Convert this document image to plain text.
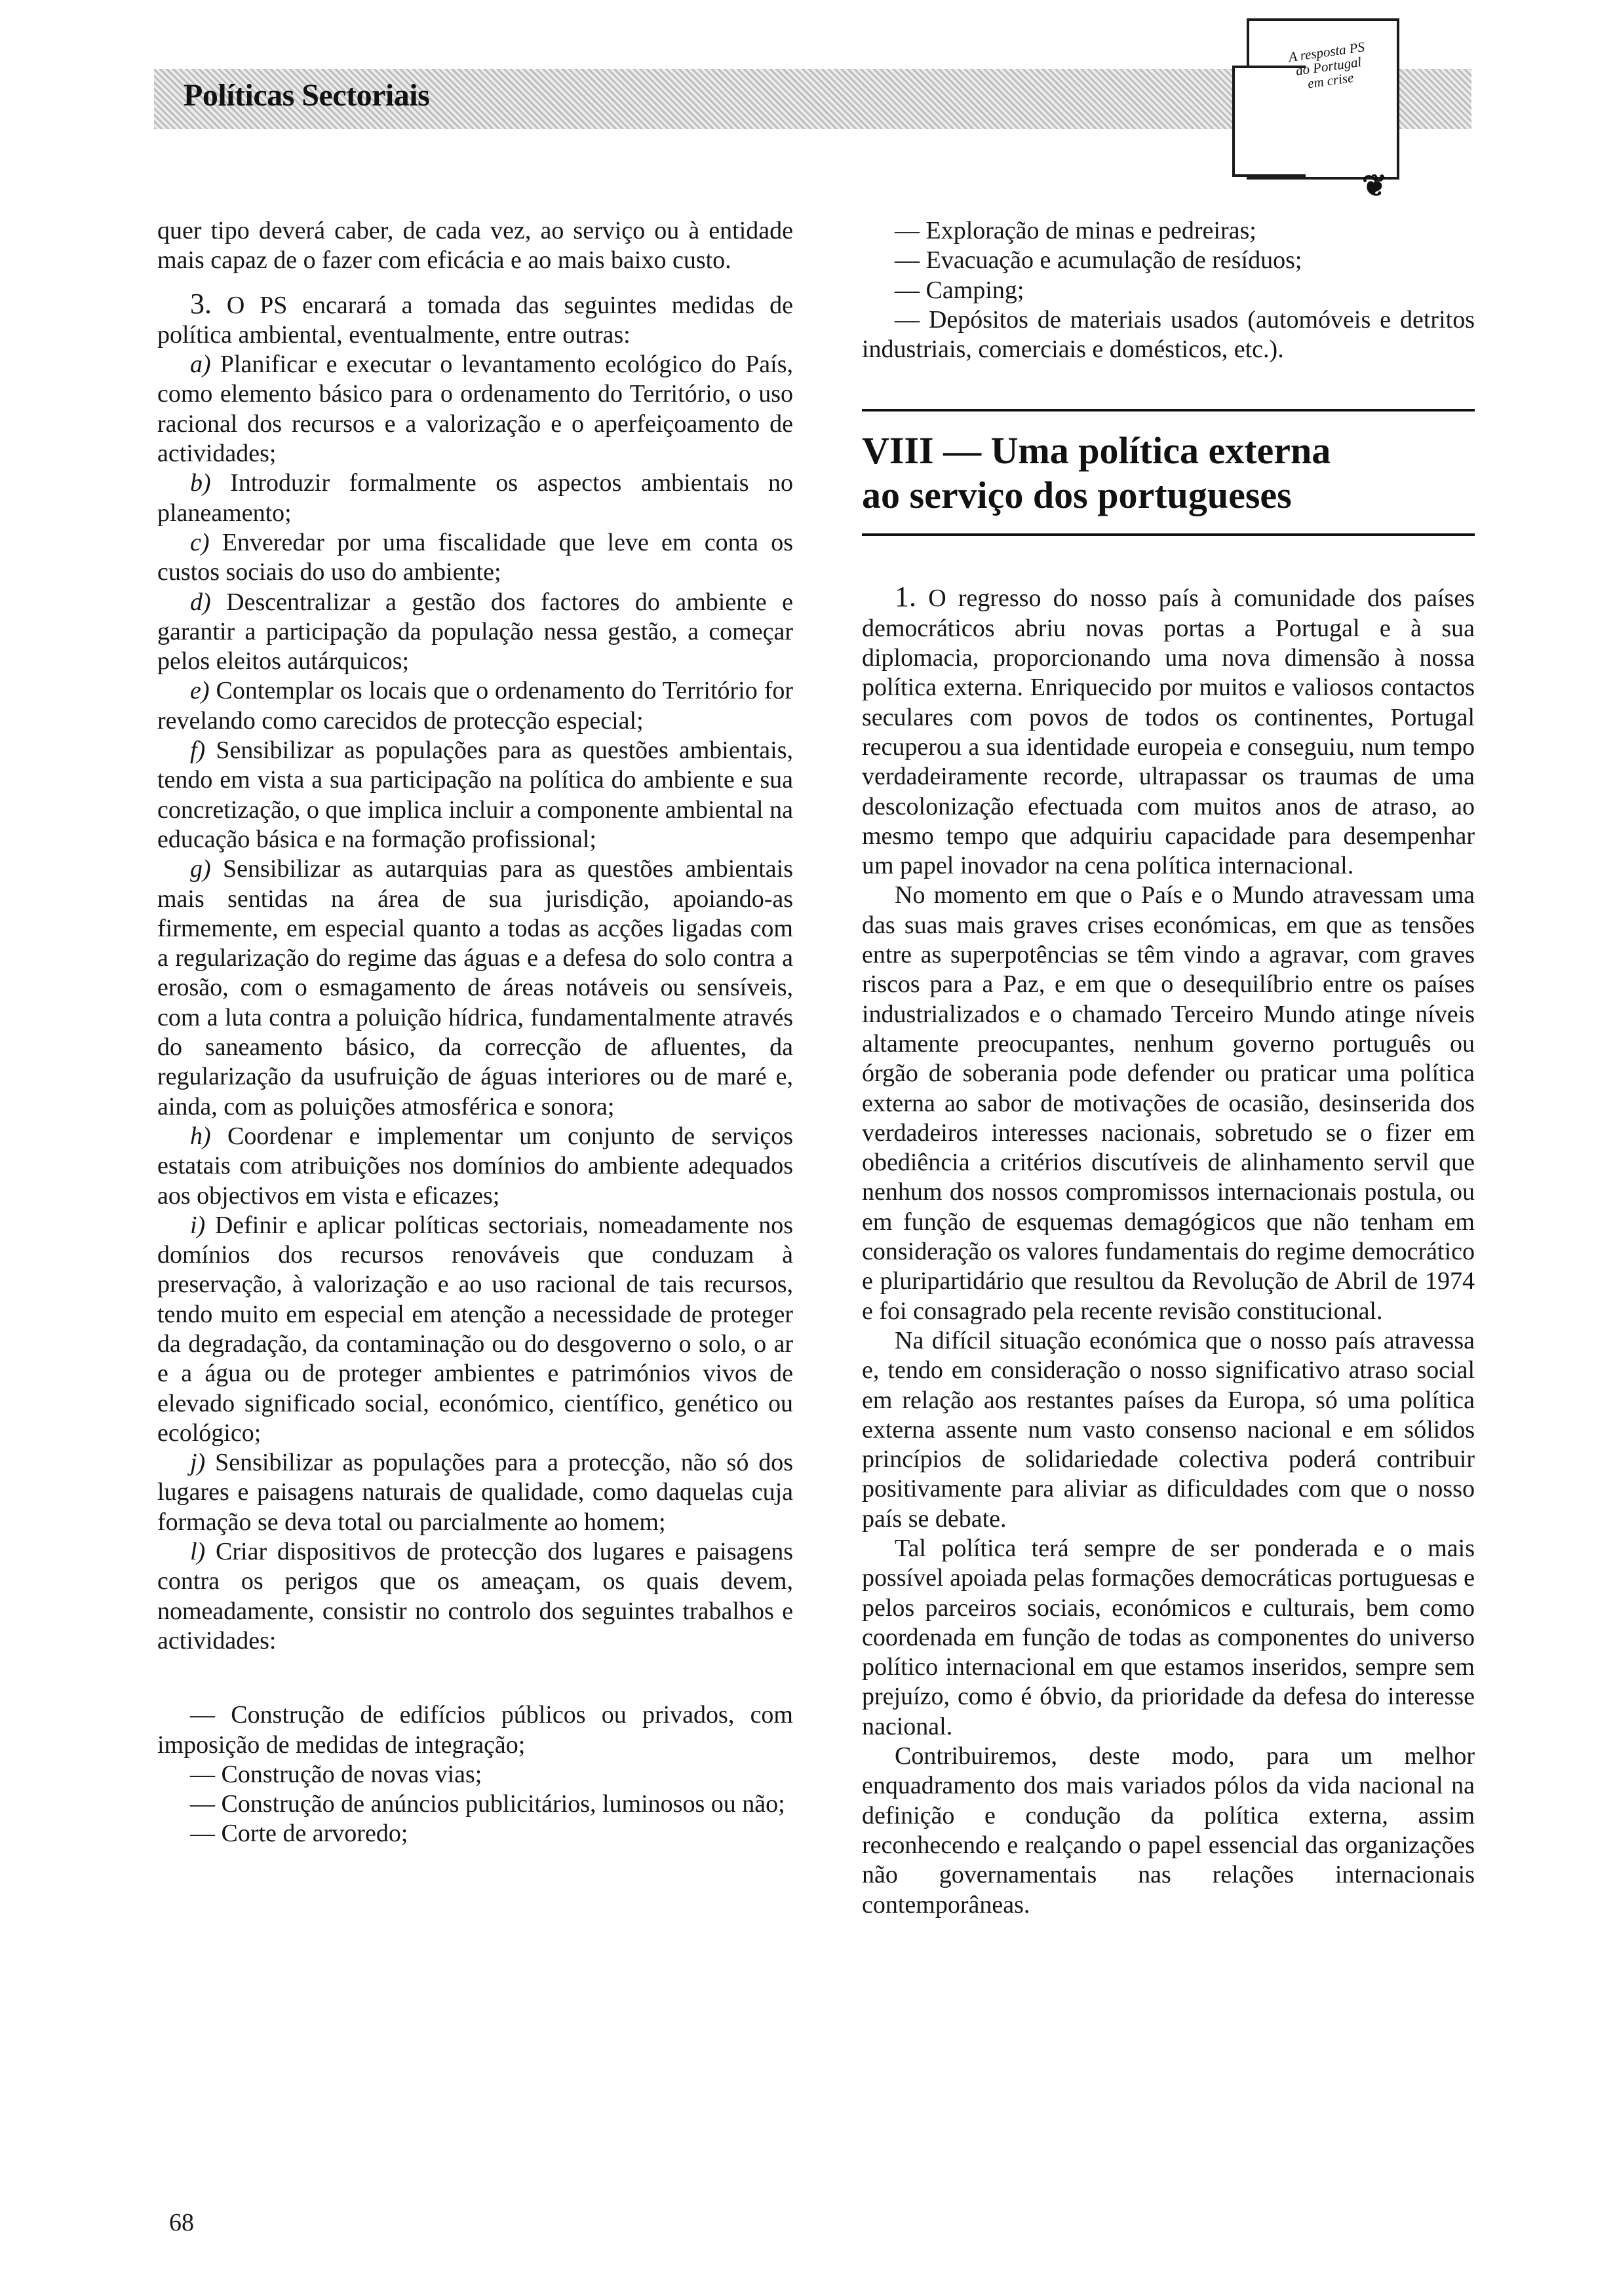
Políticas Sectoriais
A resposta PS
ao Portugal
em crise
❦

quer tipo deverá caber, de cada vez, ao serviço ou à entidade mais capaz de o fazer com eficácia e ao mais baixo custo.

3. O PS encarará a tomada das seguintes medidas de política ambiental, eventualmente, entre outras:

a) Planificar e executar o levantamento ecológico do País, como elemento básico para o ordenamento do Território, o uso racional dos recursos e a valorização e o aperfeiçoamento de actividades;

b) Introduzir formalmente os aspectos ambientais no planeamento;

c) Enveredar por uma fiscalidade que leve em conta os custos sociais do uso do ambiente;

d) Descentralizar a gestão dos factores do ambiente e garantir a participação da população nessa gestão, a começar pelos eleitos autárquicos;

e) Contemplar os locais que o ordenamento do Território for revelando como carecidos de protecção especial;

f) Sensibilizar as populações para as questões ambientais, tendo em vista a sua participação na política do ambiente e sua concretização, o que implica incluir a componente ambiental na educação básica e na formação profissional;

g) Sensibilizar as autarquias para as questões ambientais mais sentidas na área de sua jurisdição, apoiando-as firmemente, em especial quanto a todas as acções ligadas com a regularização do regime das águas e a defesa do solo contra a erosão, com o esmagamento de áreas notáveis ou sensíveis, com a luta contra a poluição hídrica, fundamentalmente através do saneamento básico, da correcção de afluentes, da regularização da usufruição de águas interiores ou de maré e, ainda, com as poluições atmosférica e sonora;

h) Coordenar e implementar um conjunto de serviços estatais com atribuições nos domínios do ambiente adequados aos objectivos em vista e eficazes;

i) Definir e aplicar políticas sectoriais, nomeadamente nos domínios dos recursos renováveis que conduzam à preservação, à valorização e ao uso racional de tais recursos, tendo muito em especial em atenção a necessidade de proteger da degradação, da contaminação ou do desgoverno o solo, o ar e a água ou de proteger ambientes e patrimónios vivos de elevado significado social, económico, científico, genético ou ecológico;

j) Sensibilizar as populações para a protecção, não só dos lugares e paisagens naturais de qualidade, como daquelas cuja formação se deva total ou parcialmente ao homem;

l) Criar dispositivos de protecção dos lugares e paisagens contra os perigos que os ameaçam, os quais devem, nomeadamente, consistir no controlo dos seguintes trabalhos e actividades:

— Construção de edifícios públicos ou privados, com imposição de medidas de integração;

— Construção de novas vias;

— Construção de anúncios publicitários, luminosos ou não;

— Corte de arvoredo;

— Exploração de minas e pedreiras;

— Evacuação e acumulação de resíduos;

— Camping;

— Depósitos de materiais usados (automóveis e detritos industriais, comerciais e domésticos, etc.).

VIII — Uma política externa
ao serviço dos portugueses

1. O regresso do nosso país à comunidade dos países democráticos abriu novas portas a Portugal e à sua diplomacia, proporcionando uma nova dimensão à nossa política externa. Enriquecido por muitos e valiosos contactos seculares com povos de todos os continentes, Portugal recuperou a sua identidade europeia e conseguiu, num tempo verdadeiramente recorde, ultrapassar os traumas de uma descolonização efectuada com muitos anos de atraso, ao mesmo tempo que adquiriu capacidade para desempenhar um papel inovador na cena política internacional.

No momento em que o País e o Mundo atravessam uma das suas mais graves crises económicas, em que as tensões entre as superpotências se têm vindo a agravar, com graves riscos para a Paz, e em que o desequilíbrio entre os países industrializados e o chamado Terceiro Mundo atinge níveis altamente preocupantes, nenhum governo português ou órgão de soberania pode defender ou praticar uma política externa ao sabor de motivações de ocasião, desinserida dos verdadeiros interesses nacionais, sobretudo se o fizer em obediência a critérios discutíveis de alinhamento servil que nenhum dos nossos compromissos internacionais postula, ou em função de esquemas demagógicos que não tenham em consideração os valores fundamentais do regime democrático e pluripartidário que resultou da Revolução de Abril de 1974 e foi consagrado pela recente revisão constitucional.

Na difícil situação económica que o nosso país atravessa e, tendo em consideração o nosso significativo atraso social em relação aos restantes países da Europa, só uma política externa assente num vasto consenso nacional e em sólidos princípios de solidariedade colectiva poderá contribuir positivamente para aliviar as dificuldades com que o nosso país se debate.

Tal política terá sempre de ser ponderada e o mais possível apoiada pelas formações democráticas portuguesas e pelos parceiros sociais, económicos e culturais, bem como coordenada em função de todas as componentes do universo político internacional em que estamos inseridos, sempre sem prejuízo, como é óbvio, da prioridade da defesa do interesse nacional.

Contribuiremos, deste modo, para um melhor enquadramento dos mais variados pólos da vida nacional na definição e condução da política externa, assim reconhecendo e realçando o papel essencial das organizações não governamentais nas relações internacionais contemporâneas.

68
